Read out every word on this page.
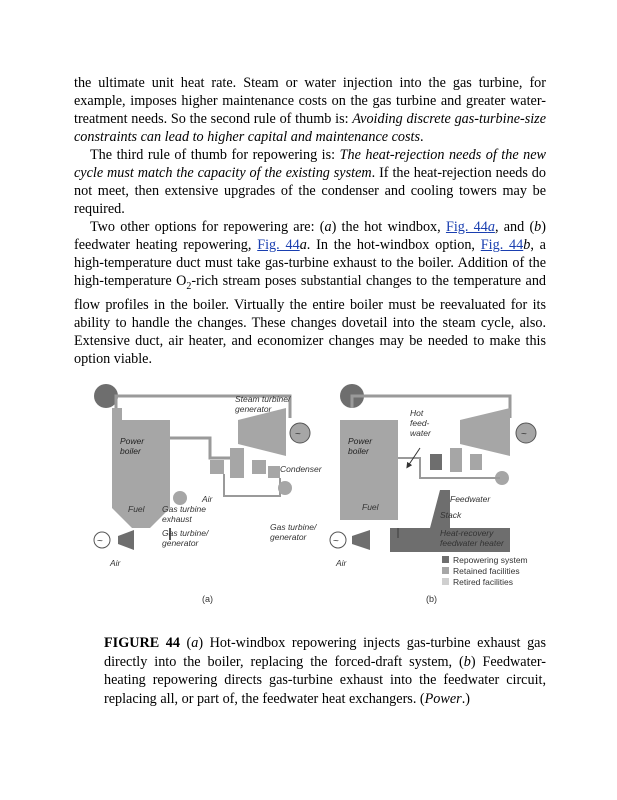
the ultimate unit heat rate. Steam or water injection into the gas turbine, for example, imposes higher maintenance costs on the gas turbine and greater water-treatment needs. So the second rule of thumb is: Avoiding discrete gas-turbine-size constraints can lead to higher capital and maintenance costs.

The third rule of thumb for repowering is: The heat-rejection needs of the new cycle must match the capacity of the existing system. If the heat-rejection needs do not meet, then extensive upgrades of the condenser and cooling towers may be required.

Two other options for repowering are: (a) the hot windbox, Fig. 44a, and (b) feedwater heating repowering, Fig. 44a. In the hot-windbox option, Fig. 44b, a high-temperature duct must take gas-turbine exhaust to the boiler. Addition of the high-temperature $O_2$-rich stream poses substantial changes to the temperature and flow profiles in the boiler. Virtually the entire boiler must be reevaluated for its ability to handle the changes. These changes dovetail into the steam cycle, also. Extensive duct, air heater, and economizer changes may be needed to make this option viable.

~
~
Steam turbine/
generator
Power
boiler
Condenser
Air
Fuel Gas turbine
exhaust
Gas turbine/
generator
Gas turbine/
generator
Air
(a)
~
~
Power
boiler
Hot
feed-
water
Feedwater
Stack
Fuel
Heat-recovery
feedwater heater
Air
(b)
Repowering system
Retained facilities
Retired facilities

FIGURE 44 (a) Hot-windbox repowering injects gas-turbine exhaust gas directly into the boiler, replacing the forced-draft system, (b) Feedwater-heating repowering directs gas-turbine exhaust into the feedwater circuit, replacing all, or part of, the feedwater heat exchangers. (Power.)
